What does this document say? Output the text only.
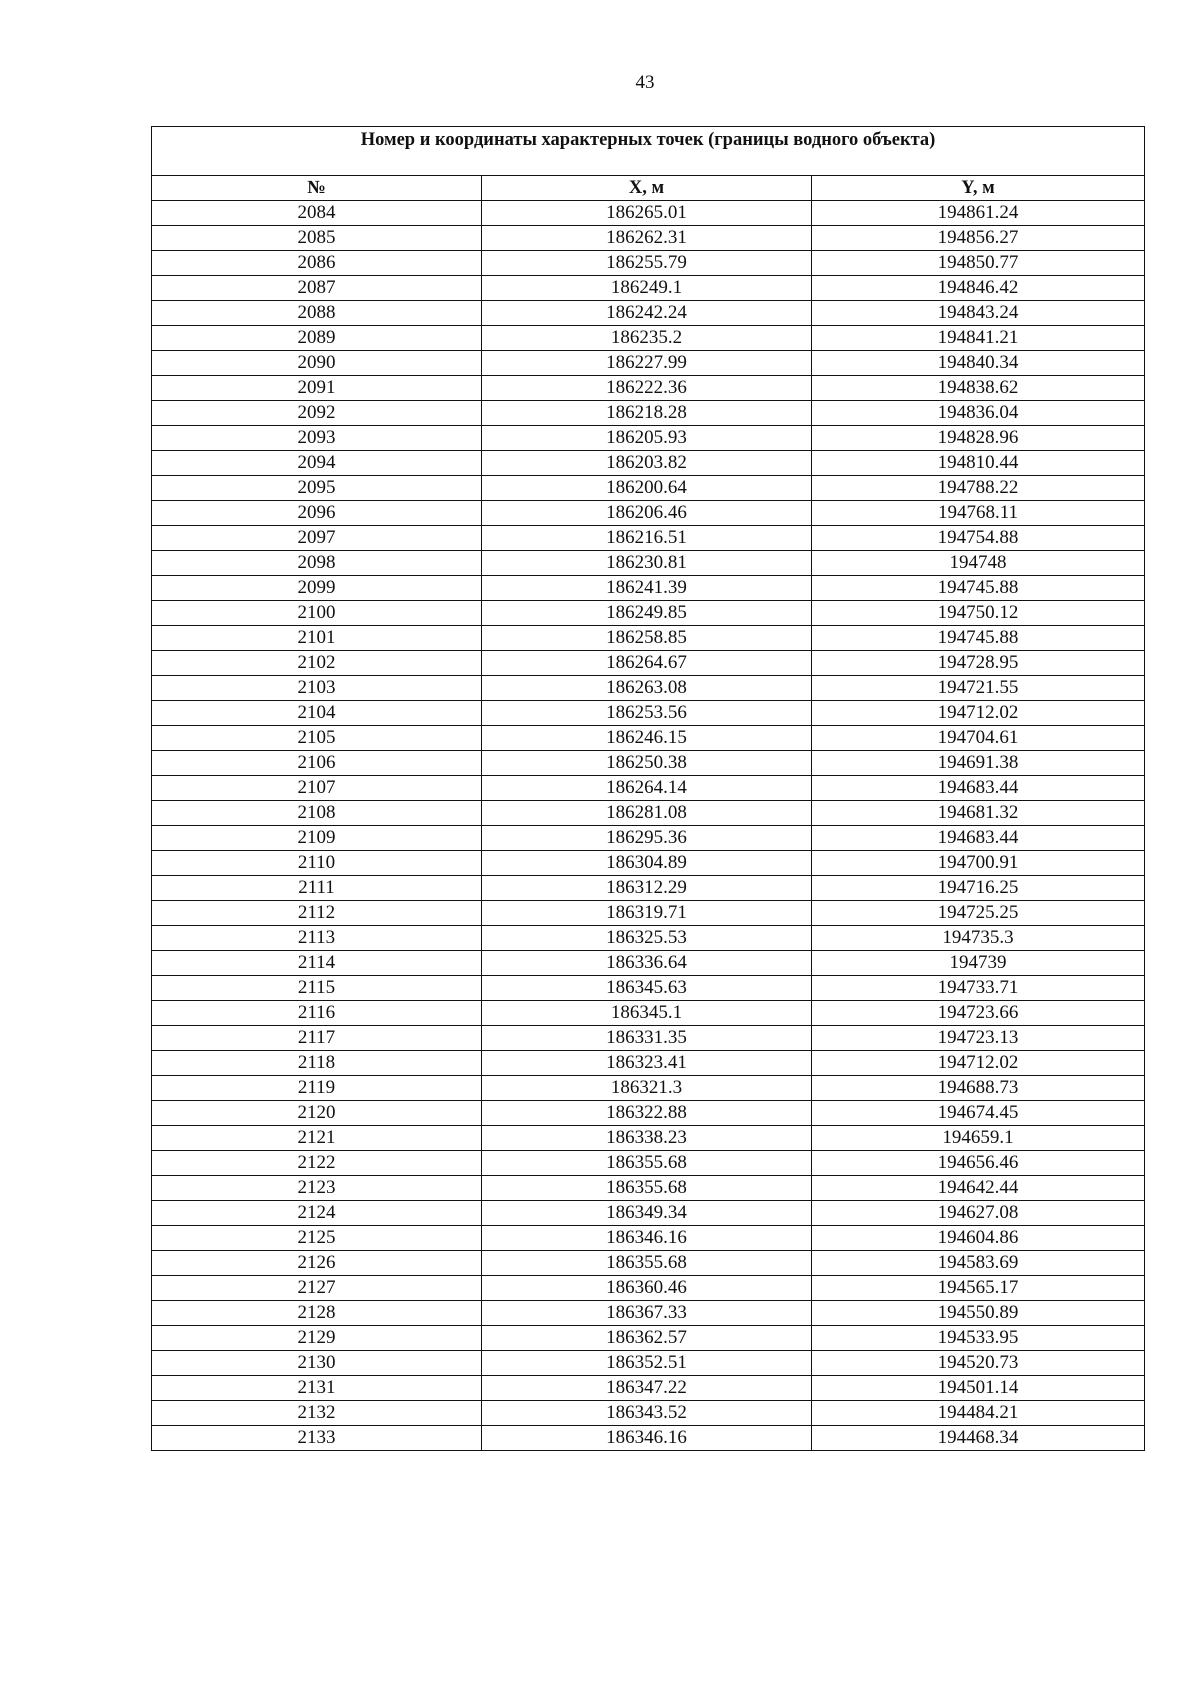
43
Номер и координаты характерных точек (границы водного объекта)		
№	X, м	Y, м
2084	186265.01	194861.24
2085	186262.31	194856.27
2086	186255.79	194850.77
2087	186249.1	194846.42
2088	186242.24	194843.24
2089	186235.2	194841.21
2090	186227.99	194840.34
2091	186222.36	194838.62
2092	186218.28	194836.04
2093	186205.93	194828.96
2094	186203.82	194810.44
2095	186200.64	194788.22
2096	186206.46	194768.11
2097	186216.51	194754.88
2098	186230.81	194748
2099	186241.39	194745.88
2100	186249.85	194750.12
2101	186258.85	194745.88
2102	186264.67	194728.95
2103	186263.08	194721.55
2104	186253.56	194712.02
2105	186246.15	194704.61
2106	186250.38	194691.38
2107	186264.14	194683.44
2108	186281.08	194681.32
2109	186295.36	194683.44
2110	186304.89	194700.91
2111	186312.29	194716.25
2112	186319.71	194725.25
2113	186325.53	194735.3
2114	186336.64	194739
2115	186345.63	194733.71
2116	186345.1	194723.66
2117	186331.35	194723.13
2118	186323.41	194712.02
2119	186321.3	194688.73
2120	186322.88	194674.45
2121	186338.23	194659.1
2122	186355.68	194656.46
2123	186355.68	194642.44
2124	186349.34	194627.08
2125	186346.16	194604.86
2126	186355.68	194583.69
2127	186360.46	194565.17
2128	186367.33	194550.89
2129	186362.57	194533.95
2130	186352.51	194520.73
2131	186347.22	194501.14
2132	186343.52	194484.21
2133	186346.16	194468.34
